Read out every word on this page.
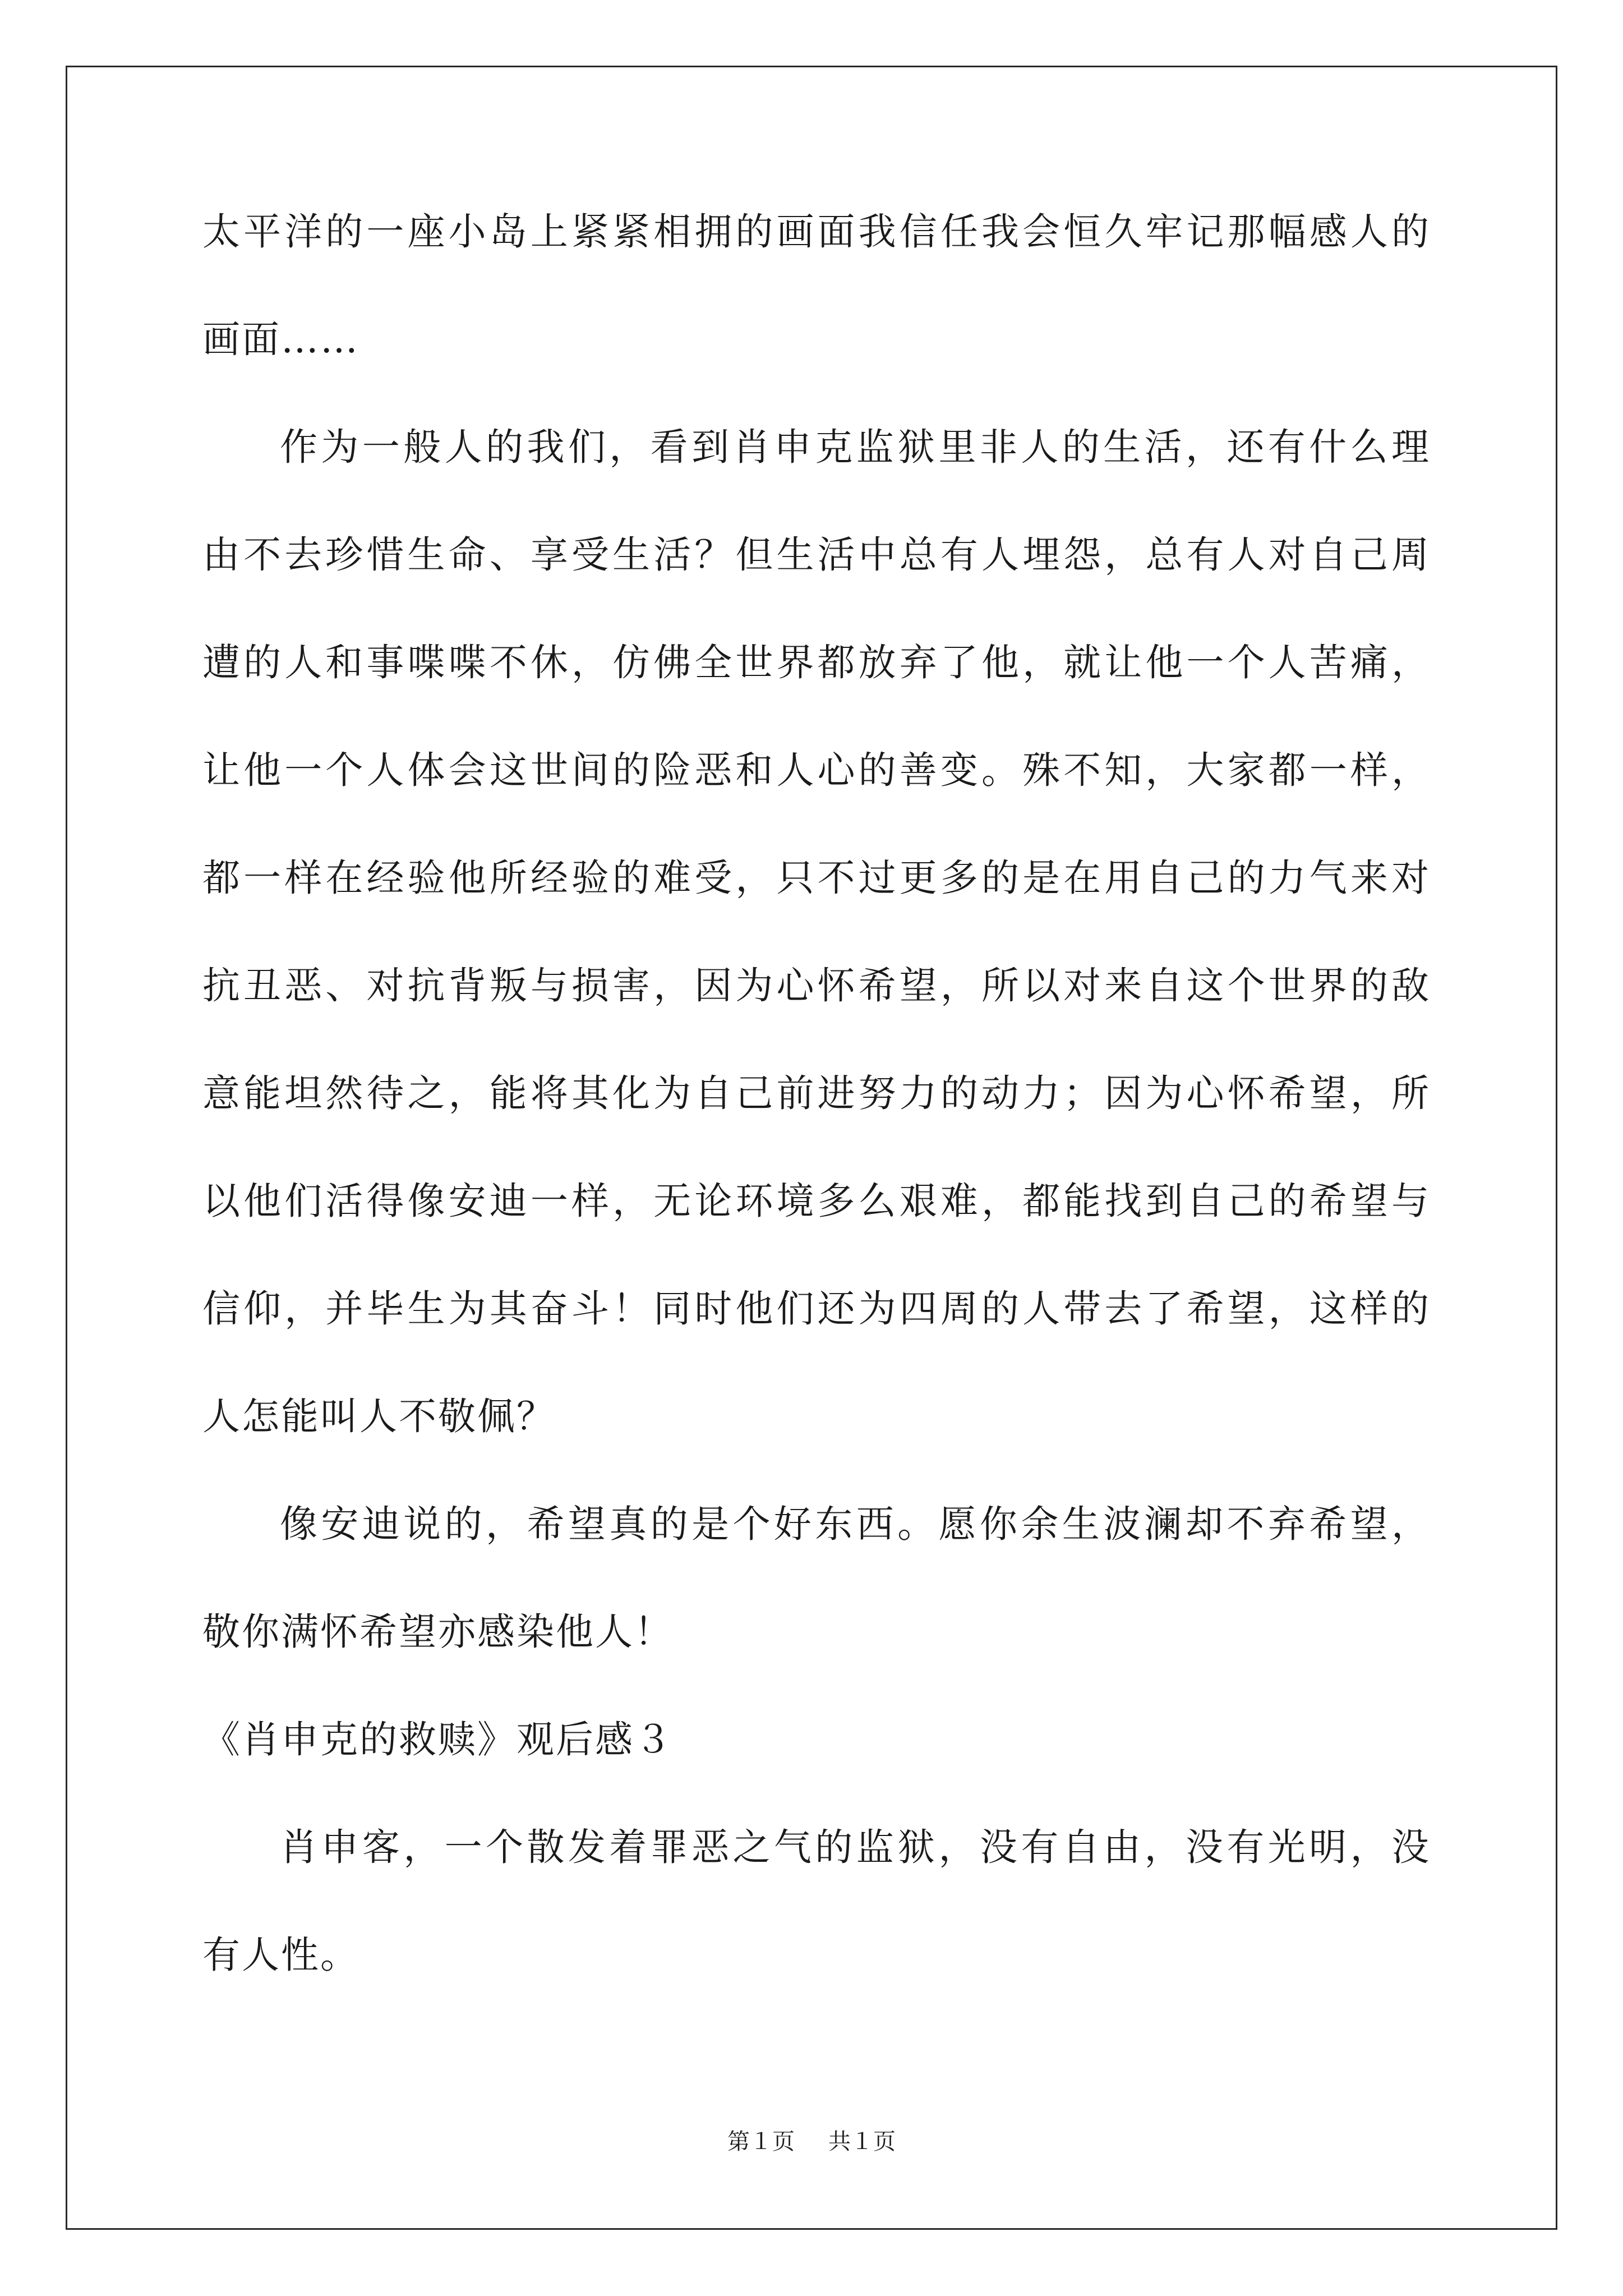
太平洋的一座小岛上紧紧相拥的画面我信任我会恒久牢记那幅感人的

画面……

作为一般人的我们，看到肖申克监狱里非人的生活，还有什么理

由不去珍惜生命、享受生活？但生活中总有人埋怨，总有人对自己周

遭的人和事喋喋不休，仿佛全世界都放弃了他，就让他一个人苦痛，

让他一个人体会这世间的险恶和人心的善变。殊不知，大家都一样，

都一样在经验他所经验的难受，只不过更多的是在用自己的力气来对

抗丑恶、对抗背叛与损害，因为心怀希望，所以对来自这个世界的敌

意能坦然待之，能将其化为自己前进努力的动力；因为心怀希望，所

以他们活得像安迪一样，无论环境多么艰难，都能找到自己的希望与

信仰，并毕生为其奋斗！同时他们还为四周的人带去了希望，这样的

人怎能叫人不敬佩？

像安迪说的，希望真的是个好东西。愿你余生波澜却不弃希望，

敬你满怀希望亦感染他人！

《肖申克的救赎》观后感３

肖申客，一个散发着罪恶之气的监狱，没有自由，没有光明，没

有人性。

第１页 共１页
